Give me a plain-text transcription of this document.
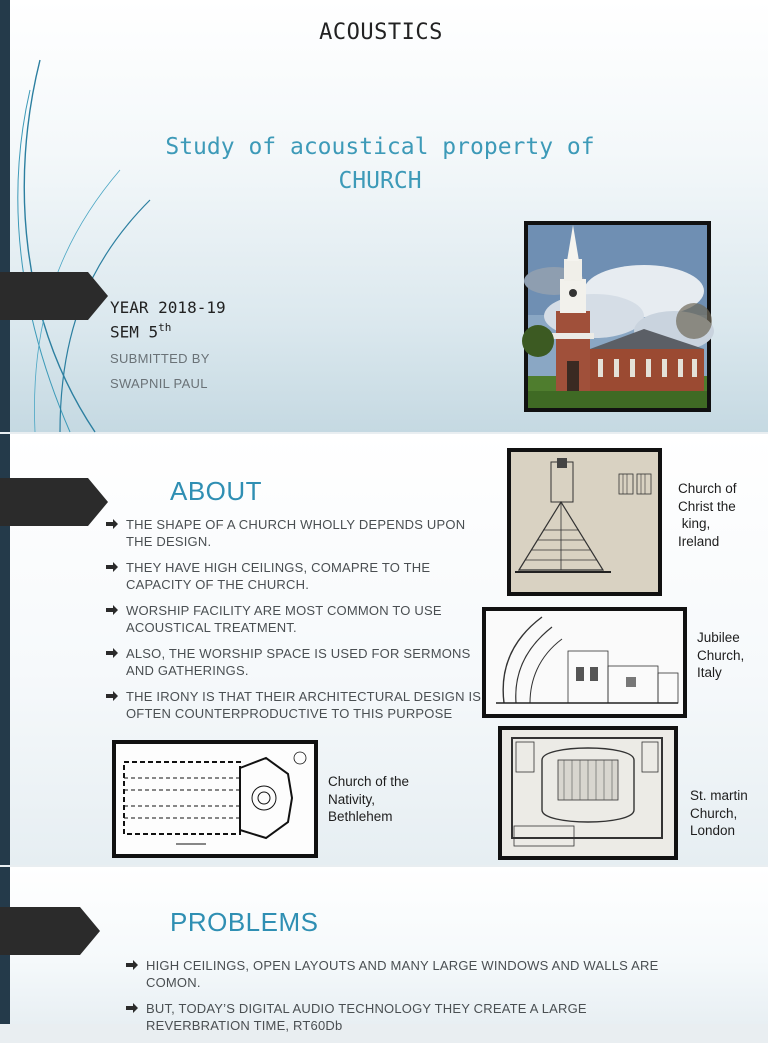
ACOUSTICS
Study of acoustical property of
CHURCH
YEAR 2018-19
SEM 5th
SUBMITTED BY
SWAPNIL PAUL
ABOUT
THE SHAPE OF A CHURCH WHOLLY DEPENDS UPON THE DESIGN.
THEY HAVE HIGH CEILINGS, COMAPRE TO THE CAPACITY OF THE CHURCH.
WORSHIP FACILITY ARE MOST COMMON TO USE ACOUSTICAL TREATMENT.
ALSO, THE WORSHIP SPACE IS USED FOR SERMONS AND GATHERINGS.
THE IRONY IS THAT THEIR ARCHITECTURAL DESIGN IS OFTEN COUNTERPRODUCTIVE TO THIS PURPOSE
Church of
Christ the
king,
Ireland
Jubilee
Church,
Italy
Church of the
Nativity,
Bethlehem
St. martin
Church,
London
PROBLEMS
HIGH CEILINGS, OPEN LAYOUTS AND MANY LARGE WINDOWS AND WALLS ARE COMON.
BUT, TODAY’S DIGITAL AUDIO TECHNOLOGY THEY CREATE A LARGE REVERBRATION TIME, RT60Db
